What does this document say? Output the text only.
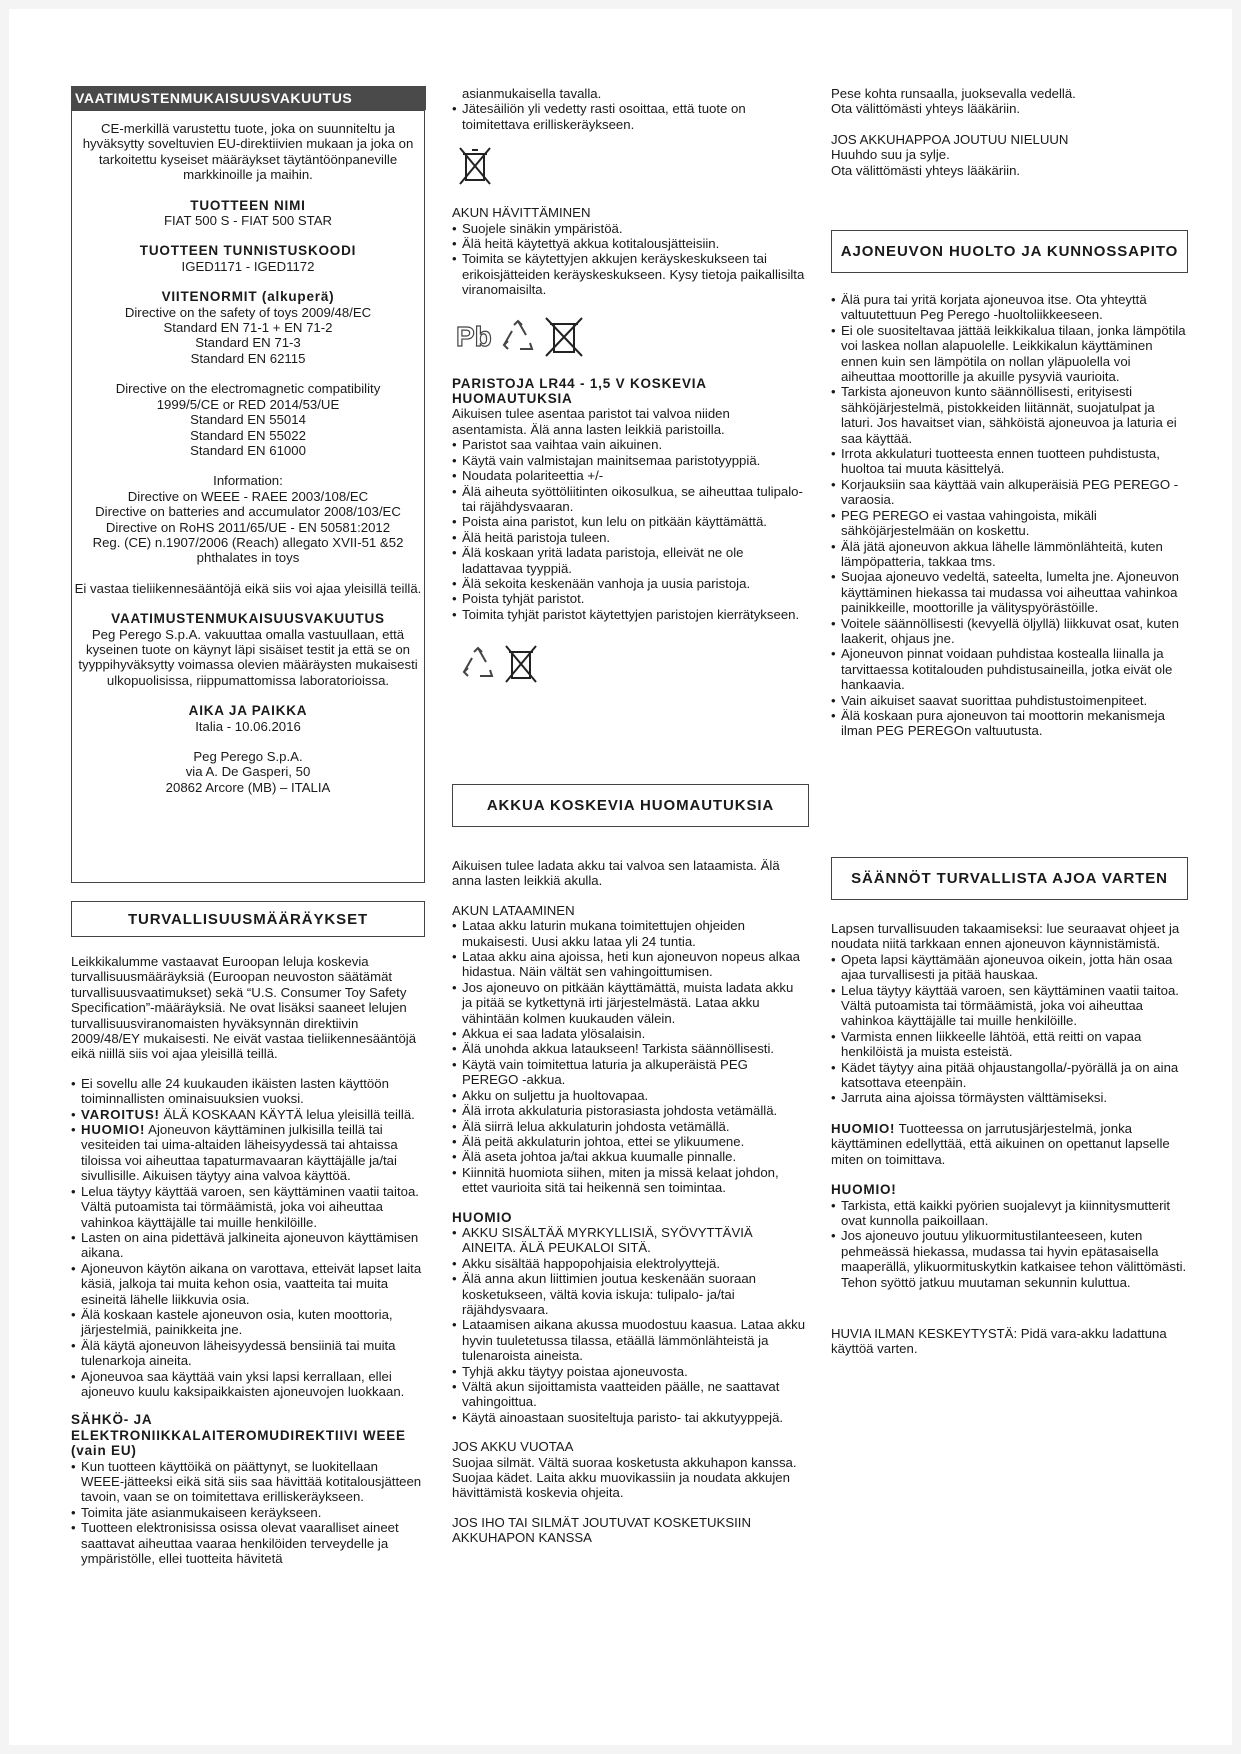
VAATIMUSTENMUKAISUUSVAKUUTUS

CE-merkillä varustettu tuote, joka on suunniteltu ja hyväksytty soveltuvien EU-direktiivien mukaan ja joka on tarkoitettu kyseiset määräykset täytäntöönpaneville markkinoille ja maihin.

TUOTTEEN NIMI

FIAT 500 S - FIAT 500 STAR

TUOTTEEN TUNNISTUSKOODI

IGED1171 - IGED1172

VIITENORMIT (alkuperä)

Directive on the safety of toys 2009/48/EC

Standard EN 71-1 + EN 71-2

Standard EN 71-3

Standard EN 62115

Directive on the electromagnetic compatibility

1999/5/CE or RED 2014/53/UE

Standard EN 55014

Standard EN 55022

Standard EN 61000

Information:

Directive on WEEE - RAEE 2003/108/EC

Directive on batteries and accumulator 2008/103/EC

Directive on RoHS 2011/65/UE - EN 50581:2012

Reg. (CE) n.1907/2006 (Reach) allegato XVII-51 &52

phthalates in toys

Ei vastaa tieliikennesääntöjä eikä siis voi ajaa yleisillä teillä.

VAATIMUSTENMUKAISUUSVAKUUTUS

Peg Perego S.p.A. vakuuttaa omalla vastuullaan, että kyseinen tuote on käynyt läpi sisäiset testit ja että se on tyyppihyväksytty voimassa olevien määräysten mukaisesti ulkopuolisissa, riippumattomissa laboratorioissa.

AIKA JA PAIKKA

Italia - 10.06.2016

Peg Perego S.p.A.

via A. De Gasperi, 50

20862 Arcore (MB) – ITALIA

TURVALLISUUSMÄÄRÄYKSET

Leikkikalumme vastaavat Euroopan leluja koskevia turvallisuusmääräyksiä (Euroopan neuvoston säätämät turvallisuusvaatimukset) sekä “U.S. Consumer Toy Safety Specification”-määräyksiä. Ne ovat lisäksi saaneet lelujen turvallisuusviranomaisten hyväksynnän direktiivin 2009/48/EY mukaisesti. Ne eivät vastaa tieliikennesääntöjä eikä niillä siis voi ajaa yleisillä teillä.

• Ei sovellu alle 24 kuukauden ikäisten lasten käyttöön toiminnallisten ominaisuuksien vuoksi.
• VAROITUS! ÄLÄ KOSKAAN KÄYTÄ lelua yleisillä teillä.
• HUOMIO! Ajoneuvon käyttäminen julkisilla teillä tai vesiteiden tai uima-altaiden läheisyydessä tai ahtaissa tiloissa voi aiheuttaa tapaturmavaaran käyttäjälle ja/tai sivullisille. Aikuisen täytyy aina valvoa käyttöä.
• Lelua täytyy käyttää varoen, sen käyttäminen vaatii taitoa. Vältä putoamista tai törmäämistä, joka voi aiheuttaa vahinkoa käyttäjälle tai muille henkilöille.
• Lasten on aina pidettävä jalkineita ajoneuvon käyttämisen aikana.
• Ajoneuvon käytön aikana on varottava, etteivät lapset laita käsiä, jalkoja tai muita kehon osia, vaatteita tai muita esineitä lähelle liikkuvia osia.
• Älä koskaan kastele ajoneuvon osia, kuten moottoria, järjestelmiä, painikkeita jne.
• Älä käytä ajoneuvon läheisyydessä bensiiniä tai muita tulenarkoja aineita.
• Ajoneuvoa saa käyttää vain yksi lapsi kerrallaan, ellei ajoneuvo kuulu kaksipaikkaisten ajoneuvojen luokkaan.

SÄHKÖ- JA ELEKTRONIIKKALAITEROMUDIREKTIIVI WEEE (vain EU)

• Kun tuotteen käyttöikä on päättynyt, se luokitellaan WEEE-jätteeksi eikä sitä siis saa hävittää kotitalousjätteen tavoin, vaan se on toimitettava erilliskeräykseen.
• Toimita jäte asianmukaiseen keräykseen.
• Tuotteen elektronisissa osissa olevat vaaralliset aineet saattavat aiheuttaa vaaraa henkilöiden terveydelle ja ympäristölle, ellei tuotteita hävitetä

asianmukaisella tavalla.

• Jätesäiliön yli vedetty rasti osoittaa, että tuote on toimitettava erilliskeräykseen.

AKUN HÄVITTÄMINEN

• Suojele sinäkin ympäristöä.
• Älä heitä käytettyä akkua kotitalousjätteisiin.
• Toimita se käytettyjen akkujen keräyskeskukseen tai erikoisjätteiden keräyskeskukseen. Kysy tietoja paikallisilta viranomaisilta.
Pb

PARISTOJA LR44 - 1,5 V KOSKEVIA HUOMAUTUKSIA

Aikuisen tulee asentaa paristot tai valvoa niiden asentamista. Älä anna lasten leikkiä paristoilla.

• Paristot saa vaihtaa vain aikuinen.
• Käytä vain valmistajan mainitsemaa paristotyyppiä.
• Noudata polariteettia +/-
• Älä aiheuta syöttöliitinten oikosulkua, se aiheuttaa tulipalo- tai räjähdysvaaran.
• Poista aina paristot, kun lelu on pitkään käyttämättä.
• Älä heitä paristoja tuleen.
• Älä koskaan yritä ladata paristoja, elleivät ne ole ladattavaa tyyppiä.
• Älä sekoita keskenään vanhoja ja uusia paristoja.
• Poista tyhjät paristot.
• Toimita tyhjät paristot käytettyjen paristojen kierrätykseen.
AKKUA KOSKEVIA HUOMAUTUKSIA

Aikuisen tulee ladata akku tai valvoa sen lataamista. Älä anna lasten leikkiä akulla.

AKUN LATAAMINEN

• Lataa akku laturin mukana toimitettujen ohjeiden mukaisesti. Uusi akku lataa yli 24 tuntia.
• Lataa akku aina ajoissa, heti kun ajoneuvon nopeus alkaa hidastua. Näin vältät sen vahingoittumisen.
• Jos ajoneuvo on pitkään käyttämättä, muista ladata akku ja pitää se kytkettynä irti järjestelmästä. Lataa akku vähintään kolmen kuukauden välein.
• Akkua ei saa ladata ylösalaisin.
• Älä unohda akkua lataukseen! Tarkista säännöllisesti.
• Käytä vain toimitettua laturia ja alkuperäistä PEG PEREGO -akkua.
• Akku on suljettu ja huoltovapaa.
• Älä irrota akkulaturia pistorasiasta johdosta vetämällä.
• Älä siirrä lelua akkulaturin johdosta vetämällä.
• Älä peitä akkulaturin johtoa, ettei se ylikuumene.
• Älä aseta johtoa ja/tai akkua kuumalle pinnalle.
• Kiinnitä huomiota siihen, miten ja missä kelaat johdon, ettet vaurioita sitä tai heikennä sen toimintaa.

HUOMIO

• AKKU SISÄLTÄÄ MYRKYLLISIÄ, SYÖVYTTÄVIÄ AINEITA. ÄLÄ PEUKALOI SITÄ.
• Akku sisältää happopohjaisia elektrolyyttejä.
• Älä anna akun liittimien joutua keskenään suoraan kosketukseen, vältä kovia iskuja: tulipalo- ja/tai räjähdysvaara.
• Lataamisen aikana akussa muodostuu kaasua. Lataa akku hyvin tuuletetussa tilassa, etäällä lämmönlähteistä ja tulenaroista aineista.
• Tyhjä akku täytyy poistaa ajoneuvosta.
• Vältä akun sijoittamista vaatteiden päälle, ne saattavat vahingoittua.
• Käytä ainoastaan suositeltuja paristo- tai akkutyyppejä.

JOS AKKU VUOTAA

Suojaa silmät. Vältä suoraa kosketusta akkuhapon kanssa.

Suojaa kädet. Laita akku muovikassiin ja noudata akkujen hävittämistä koskevia ohjeita.

JOS IHO TAI SILMÄT JOUTUVAT KOSKETUKSIIN AKKUHAPON KANSSA

Pese kohta runsaalla, juoksevalla vedellä.

Ota välittömästi yhteys lääkäriin.

JOS AKKUHAPPOA JOUTUU NIELUUN

Huuhdo suu ja sylje.

Ota välittömästi yhteys lääkäriin.

AJONEUVON HUOLTO JA KUNNOSSAPITO
• Älä pura tai yritä korjata ajoneuvoa itse. Ota yhteyttä valtuutettuun Peg Perego -huoltoliikkeeseen.
• Ei ole suositeltavaa jättää leikkikalua tilaan, jonka lämpötila voi laskea nollan alapuolelle. Leikkikalun käyttäminen ennen kuin sen lämpötila on nollan yläpuolella voi aiheuttaa moottorille ja akuille pysyviä vaurioita.
• Tarkista ajoneuvon kunto säännöllisesti, erityisesti sähköjärjestelmä, pistokkeiden liitännät, suojatulpat ja laturi. Jos havaitset vian, sähköistä ajoneuvoa ja laturia ei saa käyttää.
• Irrota akkulaturi tuotteesta ennen tuotteen puhdistusta, huoltoa tai muuta käsittelyä.
• Korjauksiin saa käyttää vain alkuperäisiä PEG PEREGO -varaosia.
• PEG PEREGO ei vastaa vahingoista, mikäli sähköjärjestelmään on koskettu.
• Älä jätä ajoneuvon akkua lähelle lämmönlähteitä, kuten lämpöpatteria, takkaa tms.
• Suojaa ajoneuvo vedeltä, sateelta, lumelta jne. Ajoneuvon käyttäminen hiekassa tai mudassa voi aiheuttaa vahinkoa painikkeille, moottorille ja välityspyörästöille.
• Voitele säännöllisesti (kevyellä öljyllä) liikkuvat osat, kuten laakerit, ohjaus jne.
• Ajoneuvon pinnat voidaan puhdistaa kostealla liinalla ja tarvittaessa kotitalouden puhdistusaineilla, jotka eivät ole hankaavia.
• Vain aikuiset saavat suorittaa puhdistustoimenpiteet.
• Älä koskaan pura ajoneuvon tai moottorin mekanismeja ilman PEG PEREGOn valtuutusta.
SÄÄNNÖT TURVALLISTA AJOA VARTEN

Lapsen turvallisuuden takaamiseksi: lue seuraavat ohjeet ja noudata niitä tarkkaan ennen ajoneuvon käynnistämistä.

• Opeta lapsi käyttämään ajoneuvoa oikein, jotta hän osaa ajaa turvallisesti ja pitää hauskaa.
• Lelua täytyy käyttää varoen, sen käyttäminen vaatii taitoa. Vältä putoamista tai törmäämistä, joka voi aiheuttaa vahinkoa käyttäjälle tai muille henkilöille.
• Varmista ennen liikkeelle lähtöä, että reitti on vapaa henkilöistä ja muista esteistä.
• Kädet täytyy aina pitää ohjaustangolla/-pyörällä ja on aina katsottava eteenpäin.
• Jarruta aina ajoissa törmäysten välttämiseksi.

HUOMIO! Tuotteessa on jarrutusjärjestelmä, jonka käyttäminen edellyttää, että aikuinen on opettanut lapselle miten on toimittava.

HUOMIO!

• Tarkista, että kaikki pyörien suojalevyt ja kiinnitysmutterit ovat kunnolla paikoillaan.
• Jos ajoneuvo joutuu ylikuormitustilanteeseen, kuten pehmeässä hiekassa, mudassa tai hyvin epätasaisella maaperällä, ylikuormituskytkin katkaisee tehon välittömästi. Tehon syöttö jatkuu muutaman sekunnin kuluttua.

HUVIA ILMAN KESKEYTYSTÄ: Pidä vara-akku ladattuna käyttöä varten.
